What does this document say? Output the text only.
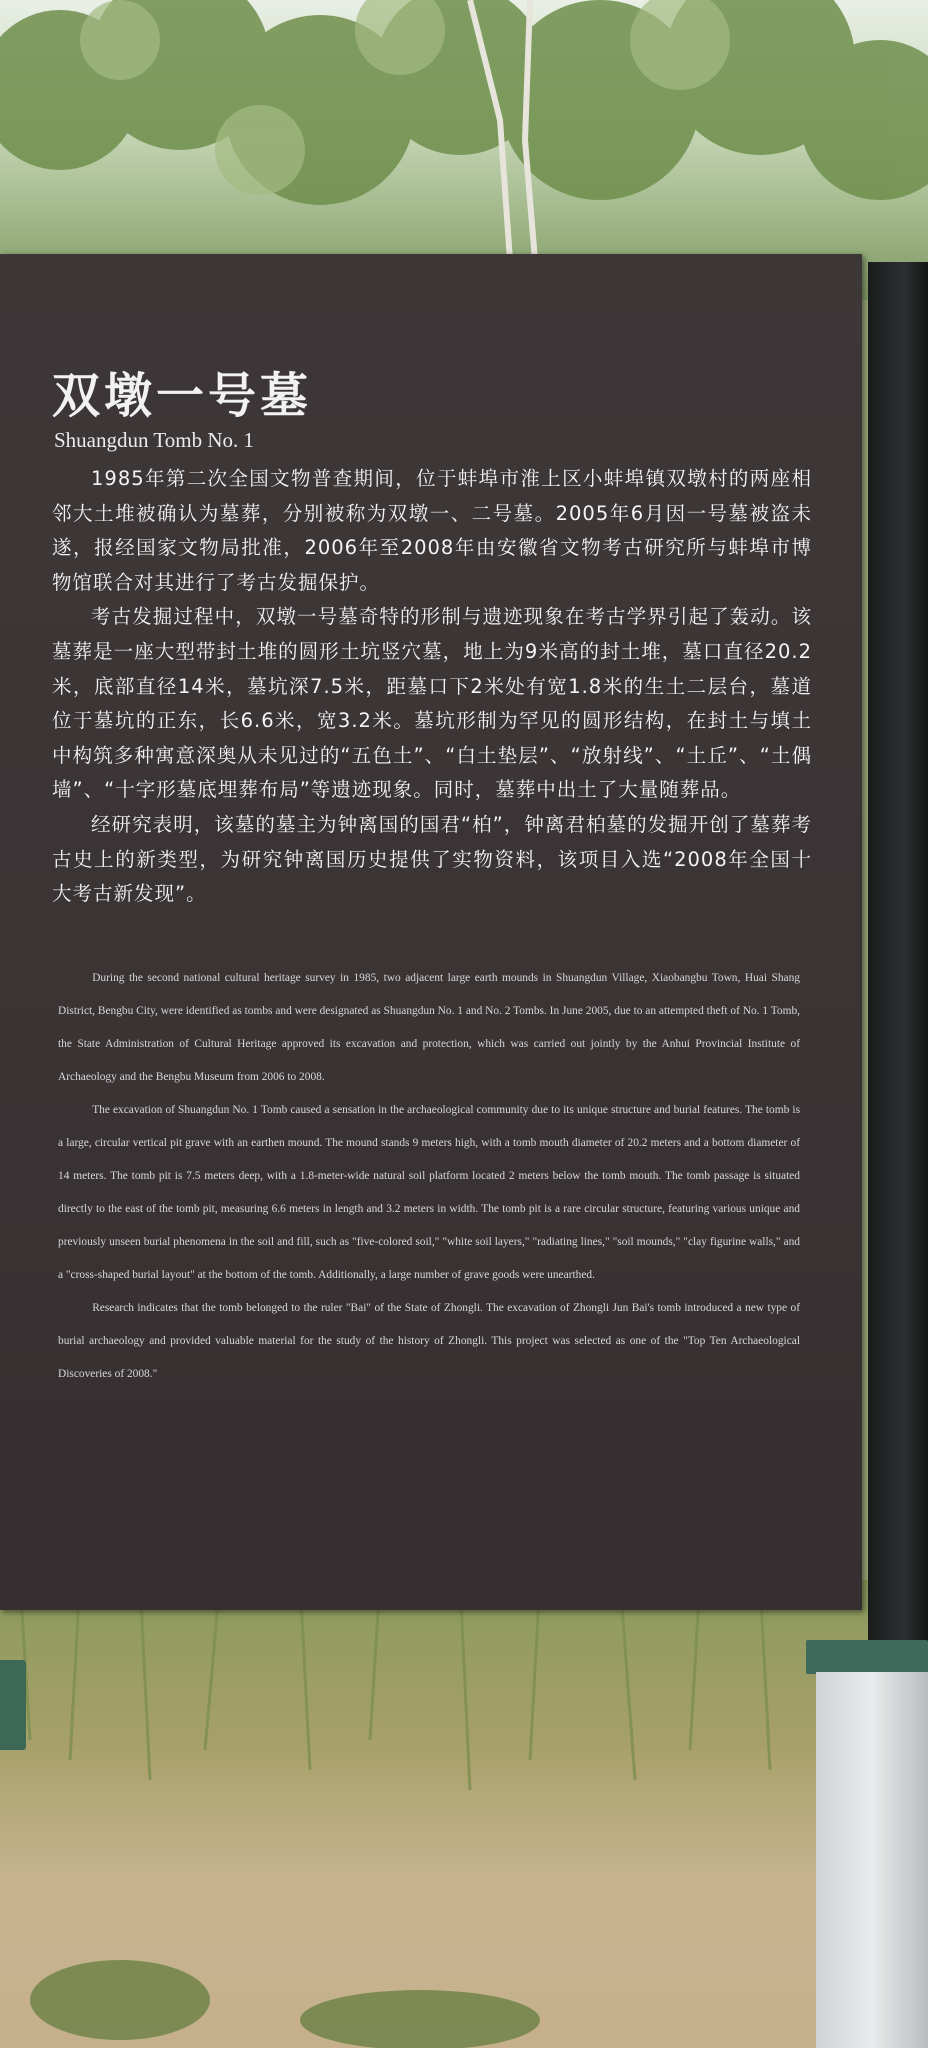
双墩一号墓
Shuangdun Tomb No. 1

1985年第二次全国文物普查期间，位于蚌埠市淮上区小蚌埠镇双墩村的两座相邻大土堆被确认为墓葬，分别被称为双墩一、二号墓。2005年6月因一号墓被盗未遂，报经国家文物局批准，2006年至2008年由安徽省文物考古研究所与蚌埠市博物馆联合对其进行了考古发掘保护。

考古发掘过程中，双墩一号墓奇特的形制与遗迹现象在考古学界引起了轰动。该墓葬是一座大型带封土堆的圆形土坑竖穴墓，地上为9米高的封土堆，墓口直径20.2米，底部直径14米，墓坑深7.5米，距墓口下2米处有宽1.8米的生土二层台，墓道位于墓坑的正东，长6.6米，宽3.2米。墓坑形制为罕见的圆形结构，在封土与填土中构筑多种寓意深奥从未见过的“五色土”、“白土垫层”、“放射线”、“土丘”、“土偶墙”、“十字形墓底埋葬布局”等遗迹现象。同时，墓葬中出土了大量随葬品。

经研究表明，该墓的墓主为钟离国的国君“柏”，钟离君柏墓的发掘开创了墓葬考古史上的新类型，为研究钟离国历史提供了实物资料，该项目入选“2008年全国十大考古新发现”。

During the second national cultural heritage survey in 1985, two adjacent large earth mounds in Shuangdun Village, Xiaobangbu Town, Huai Shang District, Bengbu City, were identified as tombs and were designated as Shuangdun No. 1 and No. 2 Tombs. In June 2005, due to an attempted theft of No. 1 Tomb, the State Administration of Cultural Heritage approved its excavation and protection, which was carried out jointly by the Anhui Provincial Institute of Archaeology and the Bengbu Museum from 2006 to 2008.

The excavation of Shuangdun No. 1 Tomb caused a sensation in the archaeological community due to its unique structure and burial features. The tomb is a large, circular vertical pit grave with an earthen mound. The mound stands 9 meters high, with a tomb mouth diameter of 20.2 meters and a bottom diameter of 14 meters. The tomb pit is 7.5 meters deep, with a 1.8-meter-wide natural soil platform located 2 meters below the tomb mouth. The tomb passage is situated directly to the east of the tomb pit, measuring 6.6 meters in length and 3.2 meters in width. The tomb pit is a rare circular structure, featuring various unique and previously unseen burial phenomena in the soil and fill, such as "five-colored soil," "white soil layers," "radiating lines," "soil mounds," "clay figurine walls," and a "cross-shaped burial layout" at the bottom of the tomb. Additionally, a large number of grave goods were unearthed.

Research indicates that the tomb belonged to the ruler "Bai" of the State of Zhongli. The excavation of Zhongli Jun Bai's tomb introduced a new type of burial archaeology and provided valuable material for the study of the history of Zhongli. This project was selected as one of the "Top Ten Archaeological Discoveries of 2008."
